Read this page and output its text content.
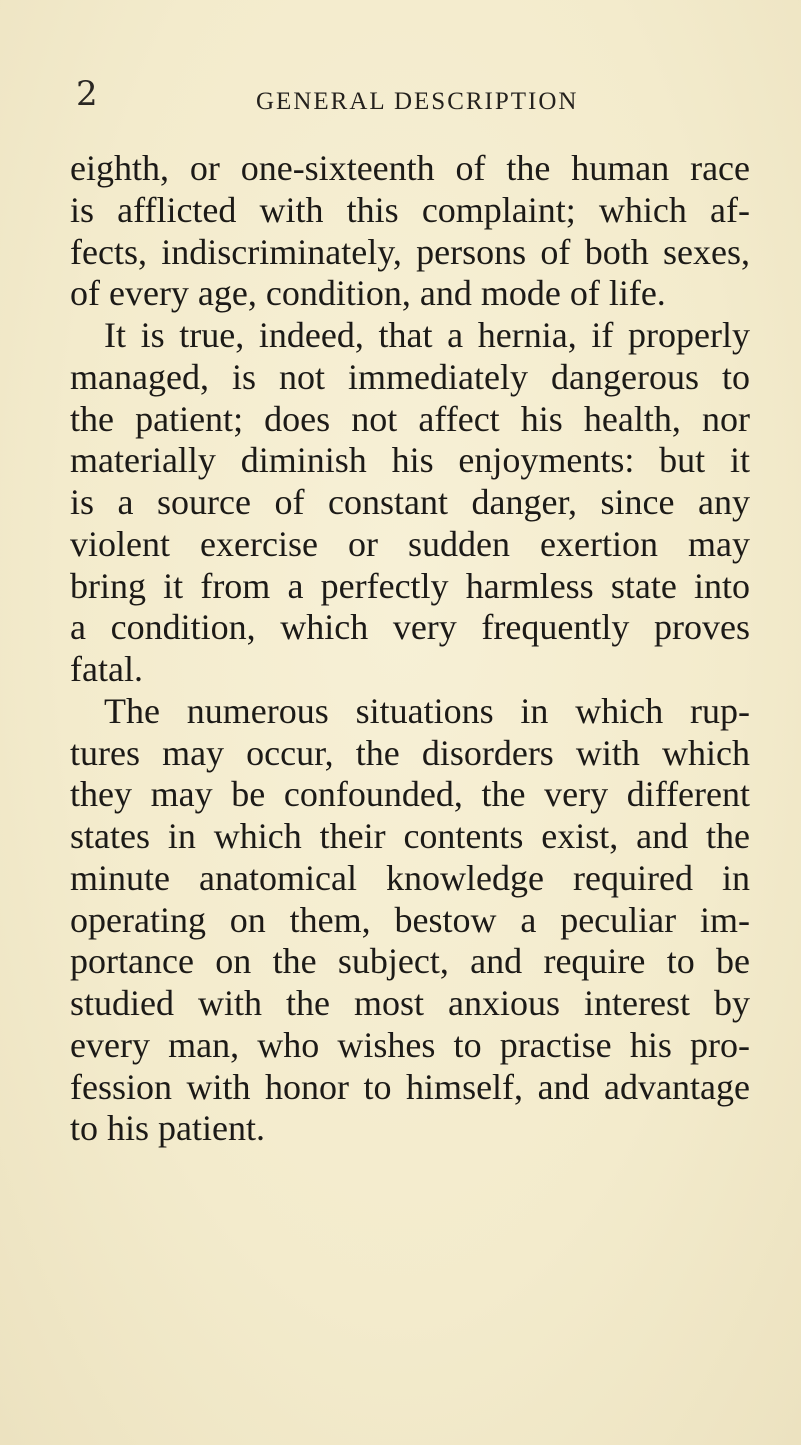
2	GENERAL DESCRIPTION
eighth, or one-sixteenth of the human race
is afflicted with this complaint; which af-
fects, indiscriminately, persons of both sexes,
of every age, condition, and mode of life.
It is true, indeed, that a hernia, if properly
managed, is not immediately dangerous to
the patient; does not affect his health, nor
materially diminish his enjoyments: but it
is a source of constant danger, since any
violent exercise or sudden exertion may
bring it from a perfectly harmless state into
a condition, which very frequently proves
fatal.
The numerous situations in which rup-
tures may occur, the disorders with which
they may be confounded, the very different
states in which their contents exist, and the
minute anatomical knowledge required in
operating on them, bestow a peculiar im-
portance on the subject, and require to be
studied with the most anxious interest by
every man, who wishes to practise his pro-
fession with honor to himself, and advantage
to his patient.
